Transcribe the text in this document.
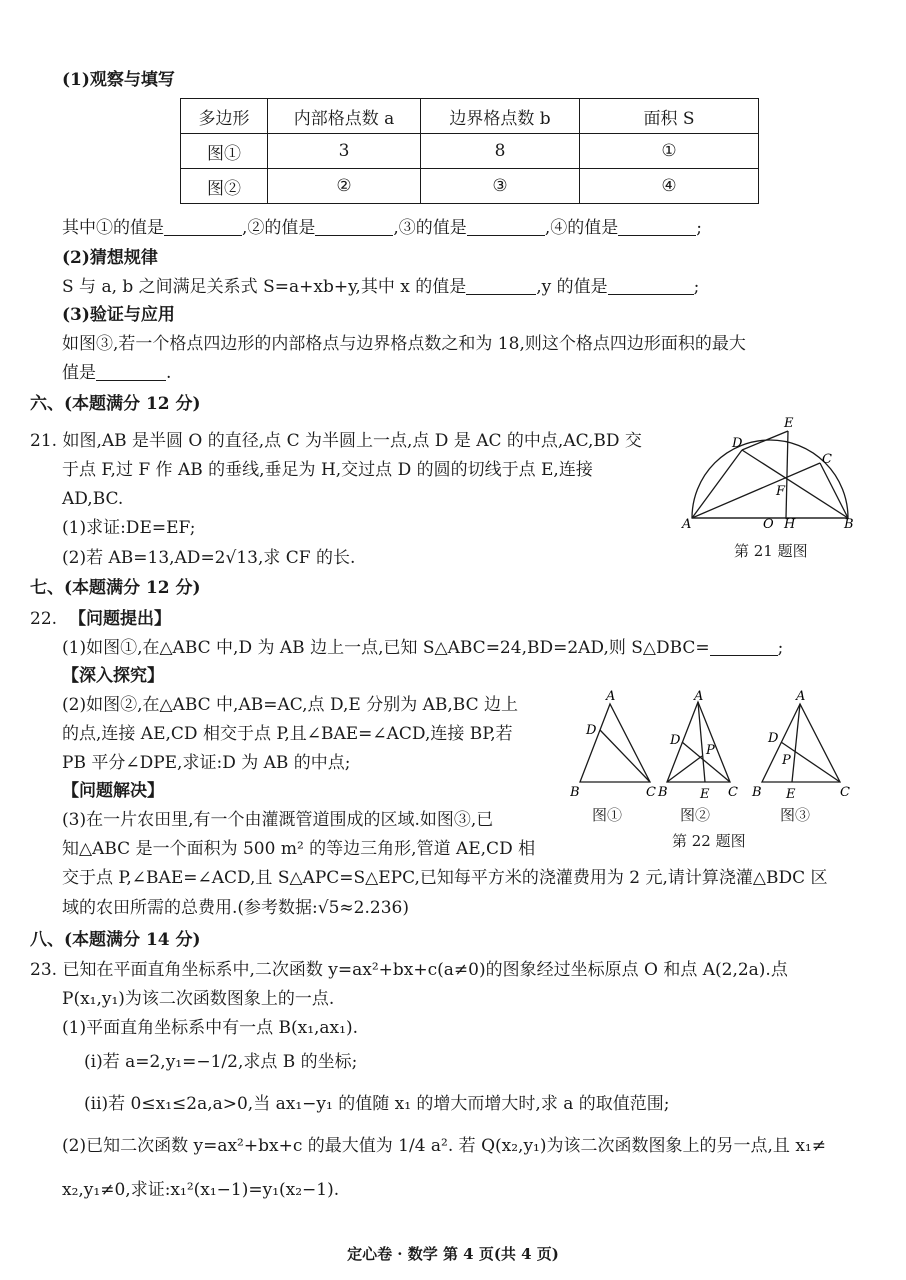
(1)观察与填写
多边形	内部格点数 a	边界格点数 b	面积 S
图①	3	8	①
图②	②	③	④
其中①的值是	,②的值是	,③的值是	,④的值是	;
(2)猜想规律
S 与 a, b 之间满足关系式 S=a+xb+y,其中 x 的值是	,y 的值是	;
(3)验证与应用
如图③,若一个格点四边形的内部格点与边界格点数之和为 18,则这个格点四边形面积的最大
值是	.
六、(本题满分 12 分)
21. 如图,AB 是半圆 O 的直径,点 C 为半圆上一点,点 D 是 AC 的中点,AC,BD 交
于点 F,过 F 作 AB 的垂线,垂足为 H,交过点 D 的圆的切线于点 E,连接
AD,BC.
(1)求证:DE=EF;
(2)若 AB=13,AD=2√13,求 CF 的长.
A	B
C
D
E
F
O H
第 21 题图
七、(本题满分 12 分)
22. 【问题提出】
(1)如图①,在△ABC 中,D 为 AB 边上一点,已知 S△ABC=24,BD=2AD,则 S△DBC=	;
【深入探究】
(2)如图②,在△ABC 中,AB=AC,点 D,E 分别为 AB,BC 边上
的点,连接 AE,CD 相交于点 P,且∠BAE=∠ACD,连接 BP,若
PB 平分∠DPE,求证:D 为 AB 的中点;
【问题解决】
(3)在一片农田里,有一个由灌溉管道围成的区域.如图③,已
知△ABC 是一个面积为 500 m² 的等边三角形,管道 AE,CD 相
交于点 P,∠BAE=∠ACD,且 S△APC=S△EPC,已知每平方米的浇灌费用为 2 元,请计算浇灌△BDC 区
域的农田所需的总费用.(参考数据:√5≈2.236)
A
B	C
D
A
B	C
D
E
P
A
B	C
D
E
P
图①	图②	图③
第 22 题图
八、(本题满分 14 分)
23. 已知在平面直角坐标系中,二次函数 y=ax²+bx+c(a≠0)的图象经过坐标原点 O 和点 A(2,2a).点
P(x₁,y₁)为该二次函数图象上的一点.
(1)平面直角坐标系中有一点 B(x₁,ax₁).
(i)若 a=2,y₁=−1/2,求点 B 的坐标;
(ii)若 0≤x₁≤2a,a>0,当 ax₁−y₁ 的值随 x₁ 的增大而增大时,求 a 的取值范围;
(2)已知二次函数 y=ax²+bx+c 的最大值为 1/4 a². 若 Q(x₂,y₁)为该二次函数图象上的另一点,且 x₁≠
x₂,y₁≠0,求证:x₁²(x₁−1)=y₁(x₂−1).
定心卷 · 数学 第 4 页(共 4 页)
